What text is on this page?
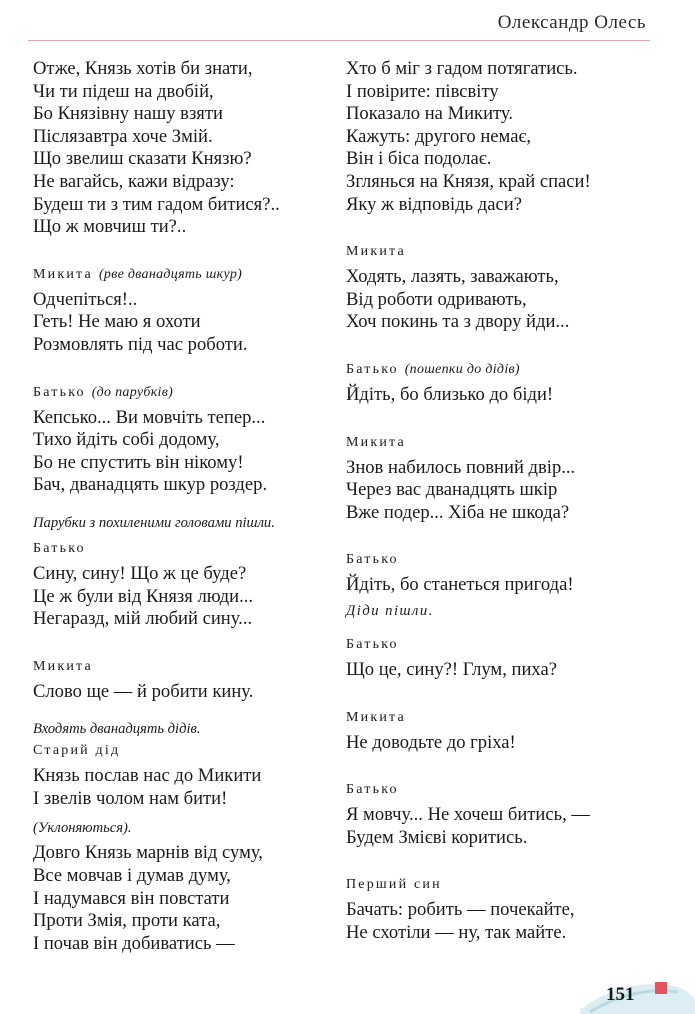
Олександр Олесь
Отже, Князь хотів би знати,
Чи ти підеш на двобій,
Бо Князівну нашу взяти
Післязавтра хоче Змій.
Що звелиш сказати Князю?
Не вагайсь, кажи відразу:
Будеш ти з тим гадом битися?..
Що ж мовчиш ти?..
Микита (рве дванадцять шкур)
Одчепіться!..
Геть! Не маю я охоти
Розмовлять під час роботи.
Батько (до парубків)
Кепсько... Ви мовчіть тепер...
Тихо йдіть собі додому,
Бо не спустить він нікому!
Бач, дванадцять шкур роздер.
Парубки з похиленими головами пішли.
Батько
Сину, сину! Що ж це буде?
Це ж були від Князя люди...
Негаразд, мій любий сину...
Микита
Слово ще — й робити кину.
Входять дванадцять дідів.
Старий дід
Князь послав нас до Микити
І звелів чолом нам бити!
(Уклоняються).
Довго Князь марнів від суму,
Все мовчав і думав думу,
І надумався він повстати
Проти Змія, проти ката,
І почав він добиватись —
Хто б міг з гадом потягатись.
І повірите: півсвіту
Показало на Микиту.
Кажуть: другого немає,
Він і біса подолає.
Зглянься на Князя, край спаси!
Яку ж відповідь даси?
Микита
Ходять, лазять, заважають,
Від роботи одривають,
Хоч покинь та з двору йди...
Батько (пошепки до дідів)
Йдіть, бо близько до біди!
Микита
Знов набилось повний двір...
Через вас дванадцять шкір
Вже подер... Хіба не шкода?
Батько
Йдіть, бо станеться пригода!
Діди пішли.
Батько
Що це, сину?! Глум, пиха?
Микита
Не доводьте до гріха!
Батько
Я мовчу... Не хочеш битись, —
Будем Змієві коритись.
Перший син
Бачать: робить — почекайте,
Не схотіли — ну, так майте.
151
